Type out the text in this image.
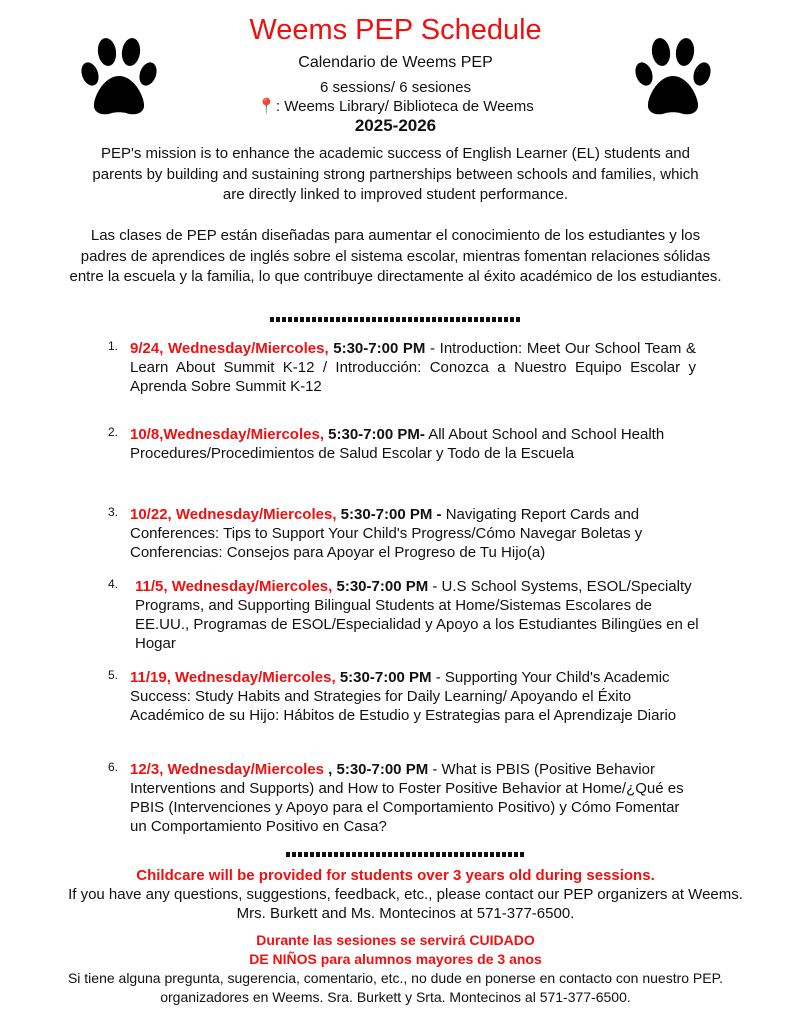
Weems PEP Schedule
Calendario de Weems PEP
6 sessions/ 6 sesiones
📍: Weems Library/ Biblioteca de Weems
2025-2026
PEP's mission is to enhance the academic success of English Learner (EL) students and parents by building and sustaining strong partnerships between schools and families, which are directly linked to improved student performance.
Las clases de PEP están diseñadas para aumentar el conocimiento de los estudiantes y los padres de aprendices de inglés sobre el sistema escolar, mientras fomentan relaciones sólidas entre la escuela y la familia, lo que contribuye directamente al éxito académico de los estudiantes.
1. 9/24, Wednesday/Miercoles, 5:30-7:00 PM - Introduction: Meet Our School Team & Learn About Summit K-12 / Introducción: Conozca a Nuestro Equipo Escolar y Aprenda Sobre Summit K-12
2. 10/8,Wednesday/Miercoles, 5:30-7:00 PM- All About School and School Health Procedures/Procedimientos de Salud Escolar y Todo de la Escuela
3. 10/22, Wednesday/Miercoles, 5:30-7:00 PM - Navigating Report Cards and Conferences: Tips to Support Your Child's Progress/Cómo Navegar Boletas y Conferencias: Consejos para Apoyar el Progreso de Tu Hijo(a)
4. 11/5, Wednesday/Miercoles, 5:30-7:00 PM - U.S School Systems, ESOL/Specialty Programs, and Supporting Bilingual Students at Home/Sistemas Escolares de EE.UU., Programas de ESOL/Especialidad y Apoyo a los Estudiantes Bilingües en el Hogar
5. 11/19, Wednesday/Miercoles, 5:30-7:00 PM - Supporting Your Child's Academic Success: Study Habits and Strategies for Daily Learning/ Apoyando el Éxito Académico de su Hijo: Hábitos de Estudio y Estrategias para el Aprendizaje Diario
6. 12/3, Wednesday/Miercoles , 5:30-7:00 PM - What is PBIS (Positive Behavior Interventions and Supports) and How to Foster Positive Behavior at Home/¿Qué es PBIS (Intervenciones y Apoyo para el Comportamiento Positivo) y Cómo Fomentar un Comportamiento Positivo en Casa?
Childcare will be provided for students over 3 years old during sessions.
If you have any questions, suggestions, feedback, etc., please contact our PEP organizers at Weems. Mrs. Burkett and Ms. Montecinos at 571-377-6500.
Durante las sesiones se servirá CUIDADO
DE NIÑOS para alumnos mayores de 3 anos
Si tiene alguna pregunta, sugerencia, comentario, etc., no dude en ponerse en contacto con nuestro PEP. organizadores en Weems. Sra. Burkett y Srta. Montecinos al 571-377-6500.
